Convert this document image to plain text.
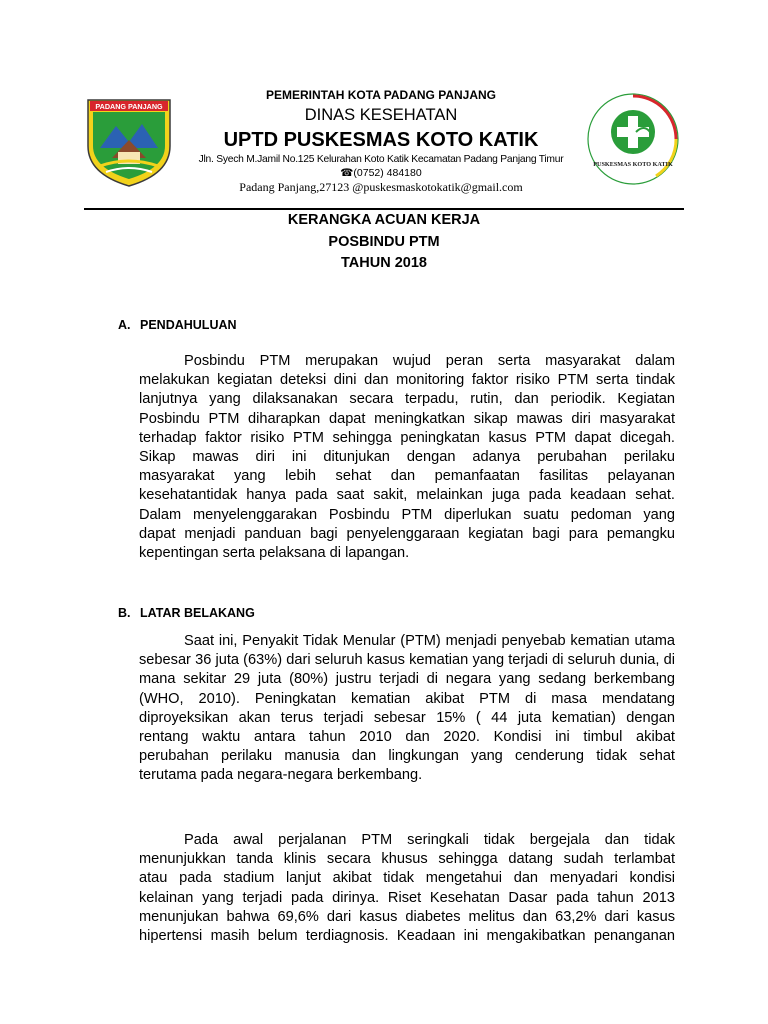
PADANG PANJANG
PEMERINTAH KOTA PADANG PANJANG
DINAS KESEHATAN
UPTD PUSKESMAS KOTO KATIK
Jln. Syech M.Jamil No.125 Kelurahan Koto Katik Kecamatan Padang Panjang Timur
☎(0752) 484180
Padang Panjang,27123 @puskesmaskotokatik@gmail.com
PUSKESMAS KOTO KATIK
KERANGKA ACUAN KERJA
POSBINDU PTM
TAHUN 2018
A. PENDAHULUAN
Posbindu PTM merupakan wujud peran serta masyarakat dalam
melakukan kegiatan deteksi dini dan monitoring faktor risiko PTM serta tindak
lanjutnya yang dilaksanakan secara terpadu, rutin, dan periodik. Kegiatan
Posbindu PTM diharapkan dapat meningkatkan sikap mawas diri masyarakat
terhadap faktor risiko PTM sehingga peningkatan kasus PTM dapat dicegah.
Sikap mawas diri ini ditunjukan dengan adanya perubahan perilaku
masyarakat yang lebih sehat dan pemanfaatan fasilitas pelayanan
kesehatantidak hanya pada saat sakit, melainkan juga pada keadaan sehat.
Dalam menyelenggarakan Posbindu PTM diperlukan suatu pedoman yang
dapat menjadi panduan bagi penyelenggaraan kegiatan bagi para pemangku
kepentingan serta pelaksana di lapangan.
B. LATAR BELAKANG
Saat ini, Penyakit Tidak Menular (PTM) menjadi penyebab kematian utama
sebesar 36 juta (63%) dari seluruh kasus kematian yang terjadi di seluruh dunia, di
mana sekitar 29 juta (80%) justru terjadi di negara yang sedang berkembang
(WHO, 2010). Peningkatan kematian akibat PTM di masa mendatang
diproyeksikan akan terus terjadi sebesar 15% ( 44 juta kematian) dengan
rentang waktu antara tahun 2010 dan 2020. Kondisi ini timbul akibat
perubahan perilaku manusia dan lingkungan yang cenderung tidak sehat
terutama pada negara-negara berkembang.
Pada awal perjalanan PTM seringkali tidak bergejala dan tidak
menunjukkan tanda klinis secara khusus sehingga datang sudah terlambat
atau pada stadium lanjut akibat tidak mengetahui dan menyadari kondisi
kelainan yang terjadi pada dirinya. Riset Kesehatan Dasar pada tahun 2013
menunjukan bahwa 69,6% dari kasus diabetes melitus dan 63,2% dari kasus
hipertensi masih belum terdiagnosis. Keadaan ini mengakibatkan penanganan
